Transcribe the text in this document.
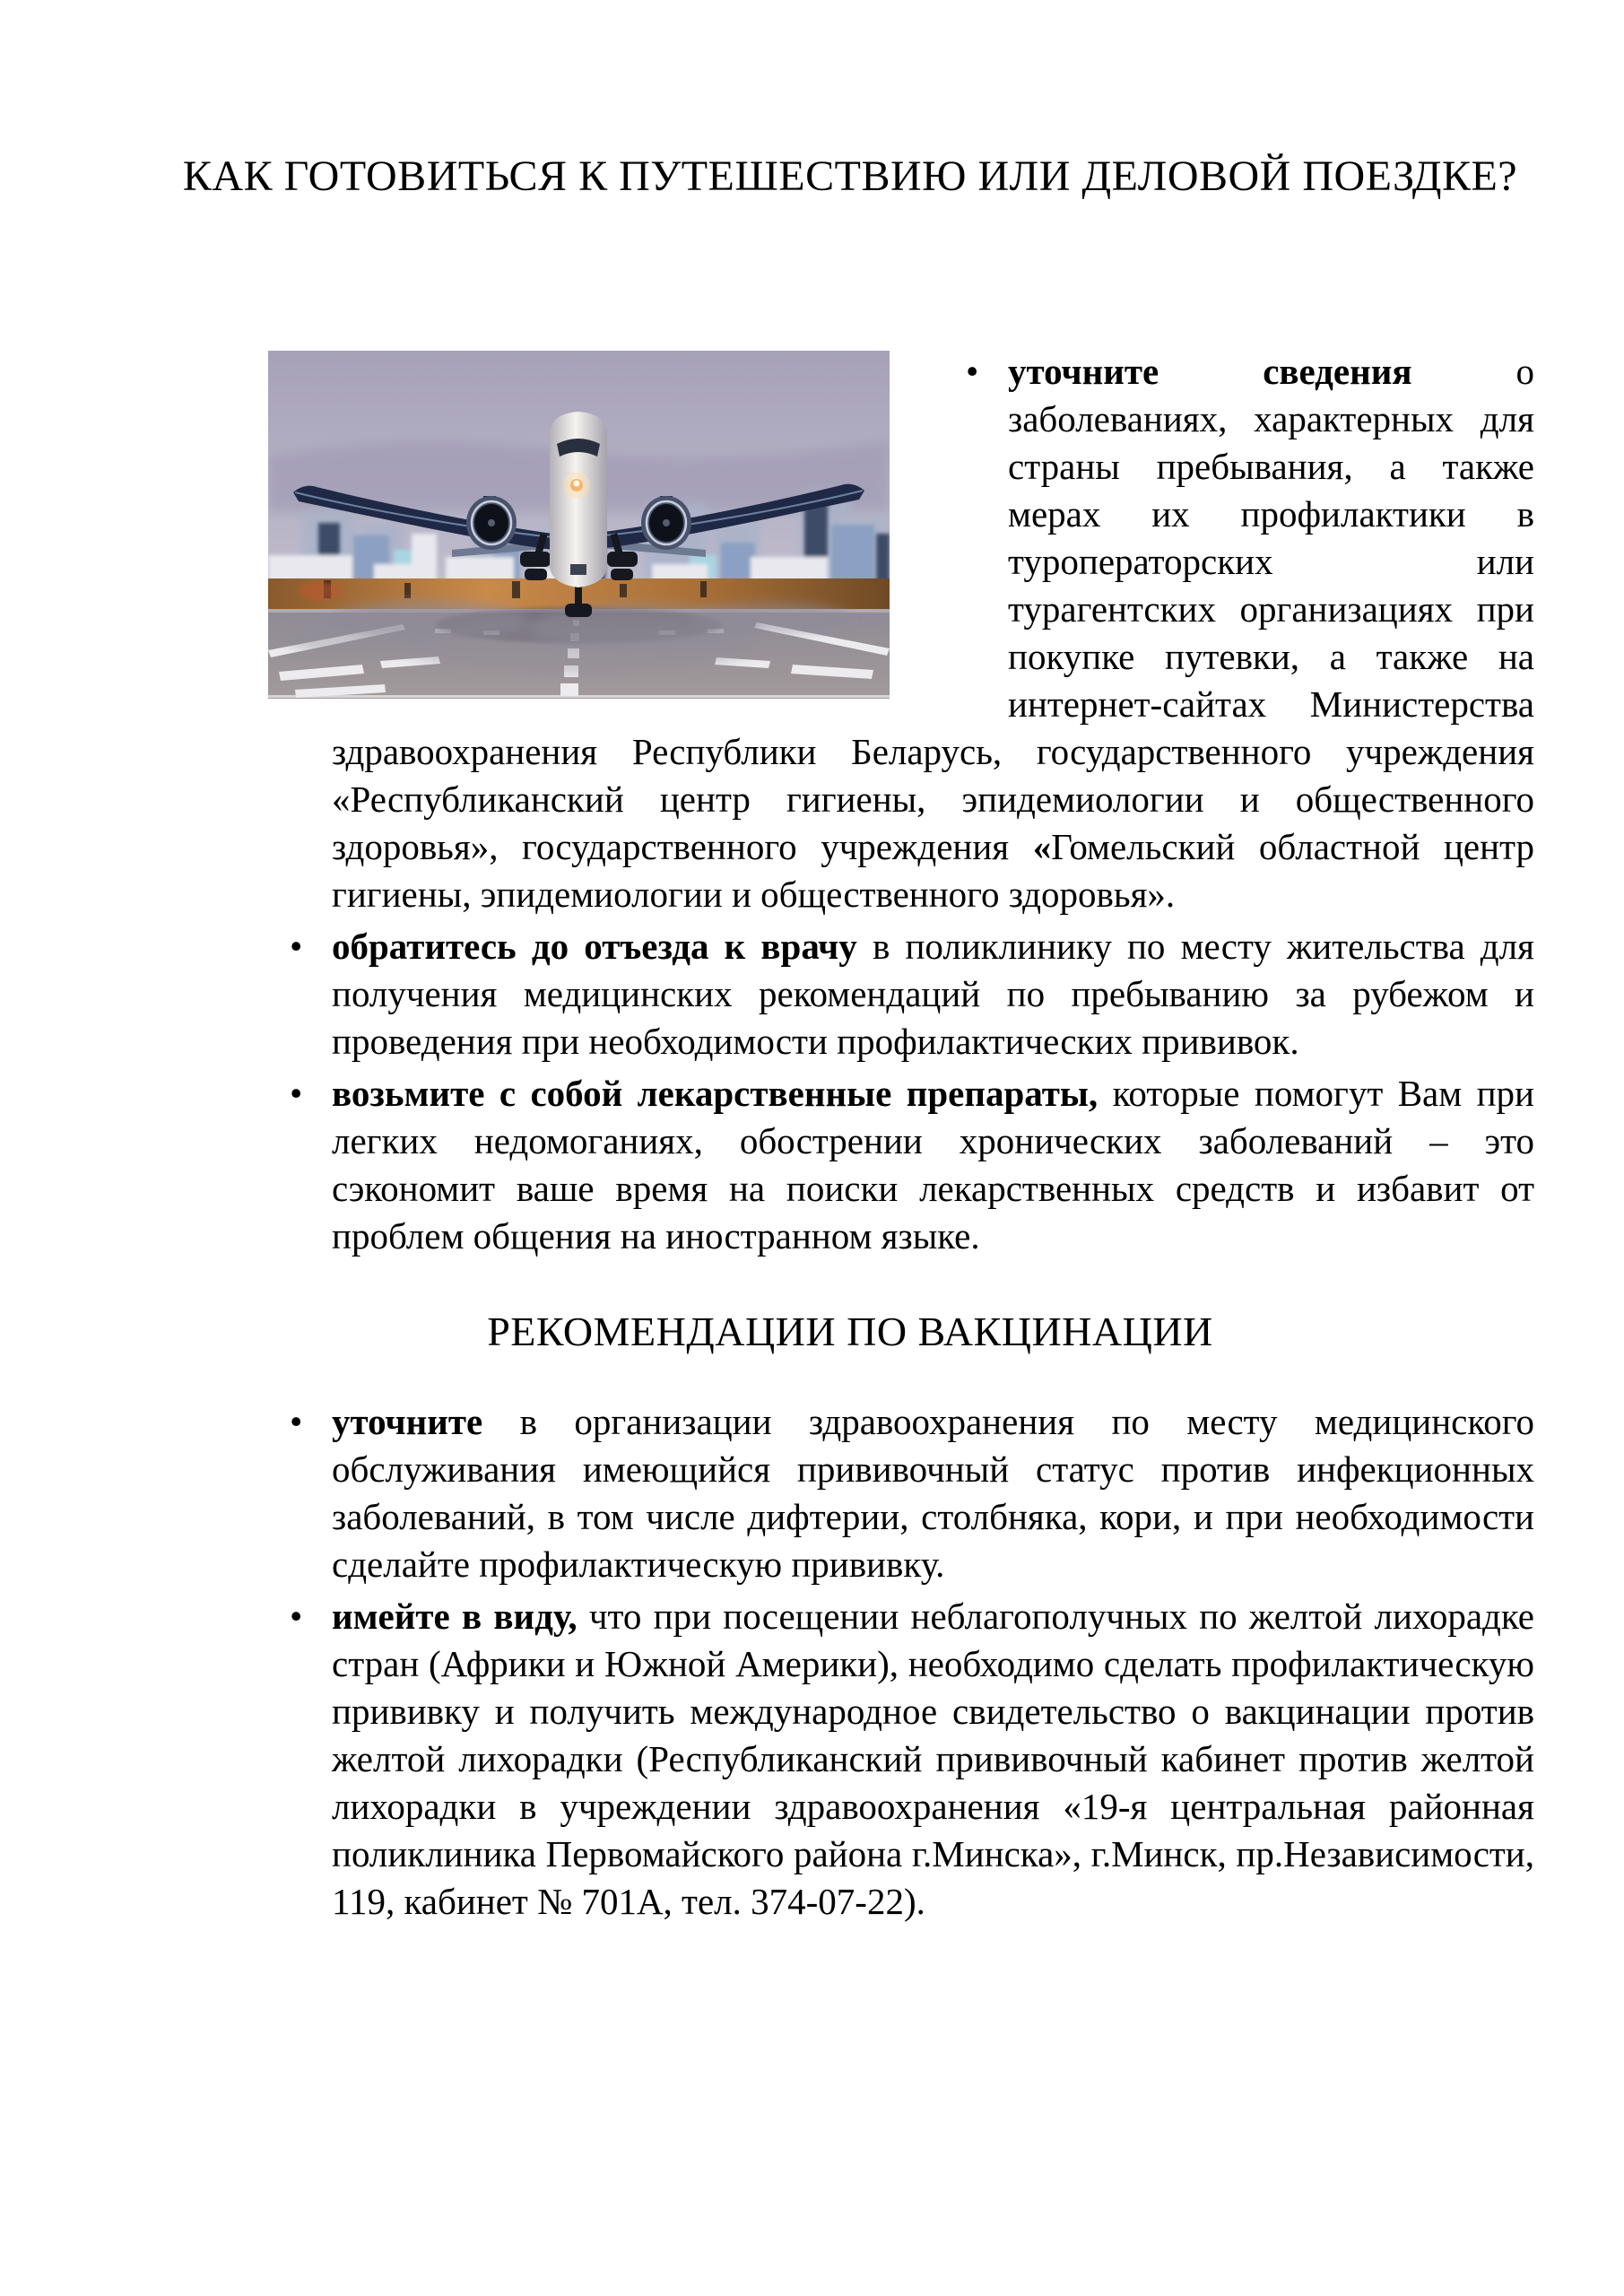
КАК ГОТОВИТЬСЯ К ПУТЕШЕСТВИЮ ИЛИ ДЕЛОВОЙ ПОЕЗДКЕ?
• уточните сведения о заболеваниях, характерных для страны пребывания, а также мерах их профилактики в туроператорских или турагентских организациях при покупке путевки, а также на интернет-сайтах Министерства здравоохранения Республики Беларусь, государственного учреждения «Республиканский центр гигиены, эпидемиологии и общественного здоровья», государственного учреждения «Гомельский областной центр гигиены, эпидемиологии и общественного здоровья».
• обратитесь до отъезда к врачу в поликлинику по месту жительства для получения медицинских рекомендаций по пребыванию за рубежом и проведения при необходимости профилактических прививок.
• возьмите с собой лекарственные препараты, которые помогут Вам при легких недомоганиях, обострении хронических заболеваний – это сэкономит ваше время на поиски лекарственных средств и избавит от проблем общения на иностранном языке.
РЕКОМЕНДАЦИИ ПО ВАКЦИНАЦИИ
• уточните в организации здравоохранения по месту медицинского обслуживания имеющийся прививочный статус против инфекционных заболеваний, в том числе дифтерии, столбняка, кори, и при необходимости сделайте профилактическую прививку.
• имейте в виду, что при посещении неблагополучных по желтой лихорадке стран (Африки и Южной Америки), необходимо сделать профилактическую прививку и получить международное свидетельство о вакцинации против желтой лихорадки (Республиканский прививочный кабинет против желтой лихорадки в учреждении здравоохранения «19-я центральная районная поликлиника Первомайского района г.Минска», г.Минск, пр.Независимости, 119, кабинет № 701А, тел. 374-07-22).
